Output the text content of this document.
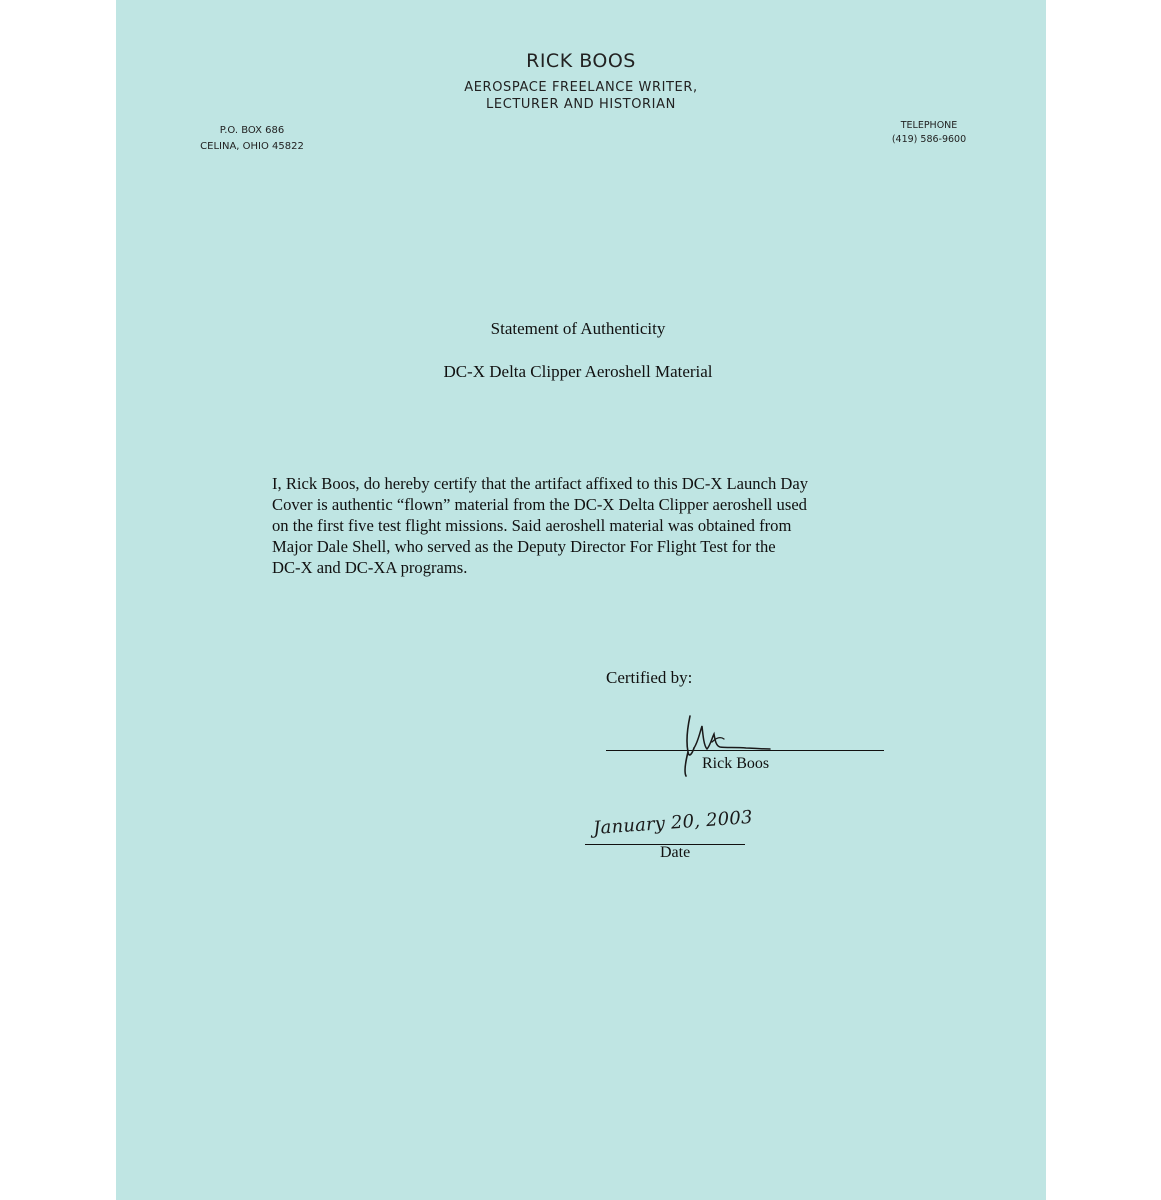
RICK BOOS
AEROSPACE FREELANCE WRITER,
LECTURER AND HISTORIAN
P.O. BOX 686
CELINA, OHIO 45822
TELEPHONE
(419) 586-9600
Statement of Authenticity
DC-X Delta Clipper Aeroshell Material
I, Rick Boos, do hereby certify that the artifact affixed to this DC-X Launch Day
Cover is authentic “flown” material from the DC-X Delta Clipper aeroshell used
on the first five test flight missions. Said aeroshell material was obtained from
Major Dale Shell, who served as the Deputy Director For Flight Test for the
DC-X and DC-XA programs.
Certified by:
Rick Boos
January 20, 2003
Date
